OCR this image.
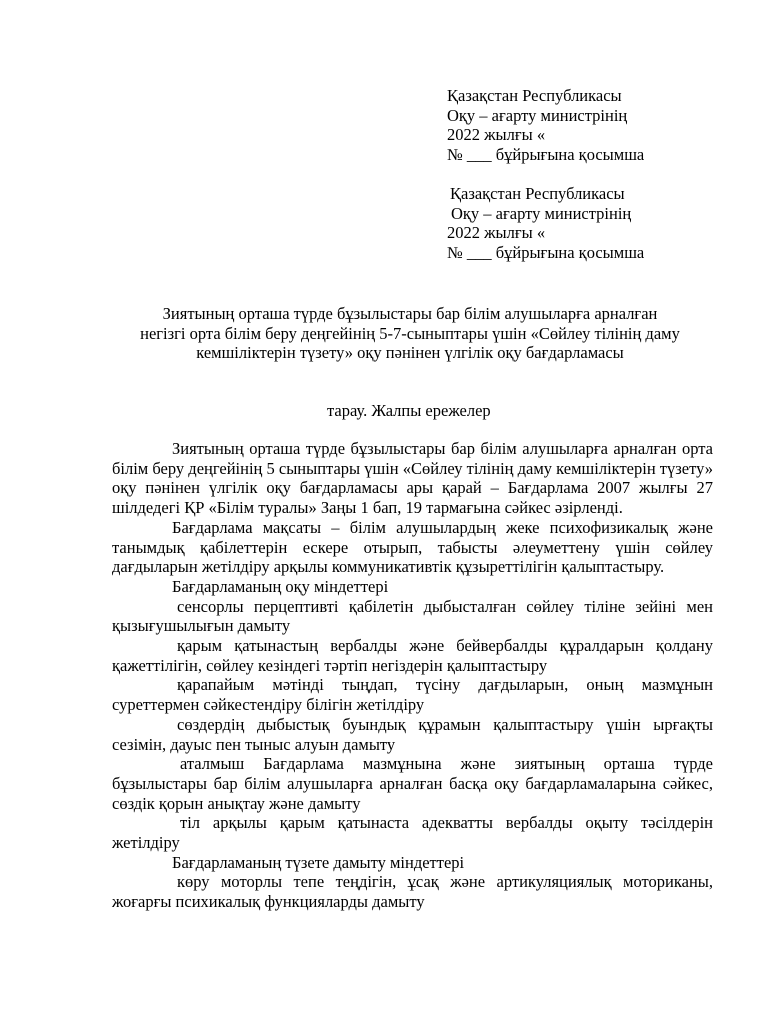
Қазақстан Республикасы
Оқу – ағарту министрінің
2022 жылғы «
№ ___ бұйрығына қосымша
Қазақстан Республикасы
Оқу – ағарту министрінің
2022 жылғы «
№ ___ бұйрығына қосымша
Зиятының орташа түрде бұзылыстары бар білім алушыларға арналған
негізгі орта білім беру деңгейінің 5-7-сыныптары үшін «Сөйлеу тілінің даму
кемшіліктерін түзету» оқу пәнінен үлгілік оқу бағдарламасы
тарау. Жалпы ережелер

Зиятының орташа түрде бұзылыстары бар білім алушыларға арналған орта білім беру деңгейінің 5 сыныптары үшін «Сөйлеу тілінің даму кемшіліктерін түзету» оқу пәнінен үлгілік оқу бағдарламасы ары қарай – Бағдарлама 2007 жылғы 27 шілдедегі ҚР «Білім туралы» Заңы 1 бап, 19 тармағына сәйкес әзірленді.

Бағдарлама мақсаты – білім алушылардың жеке психофизикалық және танымдық қабілеттерін ескере отырып, табысты әлеуметтену үшін сөйлеу дағдыларын жетілдіру арқылы коммуникативтік құзыреттілігін қалыптастыру.

Бағдарламаның оқу міндеттері

сенсорлы перцептивті қабілетін дыбысталған сөйлеу тіліне зейіні мен қызығушылығын дамыту

қарым қатынастың вербалды және бейвербалды құралдарын қолдану қажеттілігін, сөйлеу кезіндегі тәртіп негіздерін қалыптастыру

қарапайым мәтінді тыңдап, түсіну дағдыларын, оның мазмұнын суреттермен сәйкестендіру білігін жетілдіру

сөздердің дыбыстық буындық құрамын қалыптастыру үшін ырғақты сезімін, дауыс пен тыныс алуын дамыту

аталмыш Бағдарлама мазмұнына және зиятының орташа түрде бұзылыстары бар білім алушыларға арналған басқа оқу бағдарламаларына сәйкес, сөздік қорын анықтау және дамыту

тіл арқылы қарым қатынаста адекватты вербалды оқыту тәсілдерін жетілдіру

Бағдарламаның түзете дамыту міндеттері

көру моторлы тепе теңдігін, ұсақ және артикуляциялық моториканы, жоғарғы психикалық функцияларды дамыту
